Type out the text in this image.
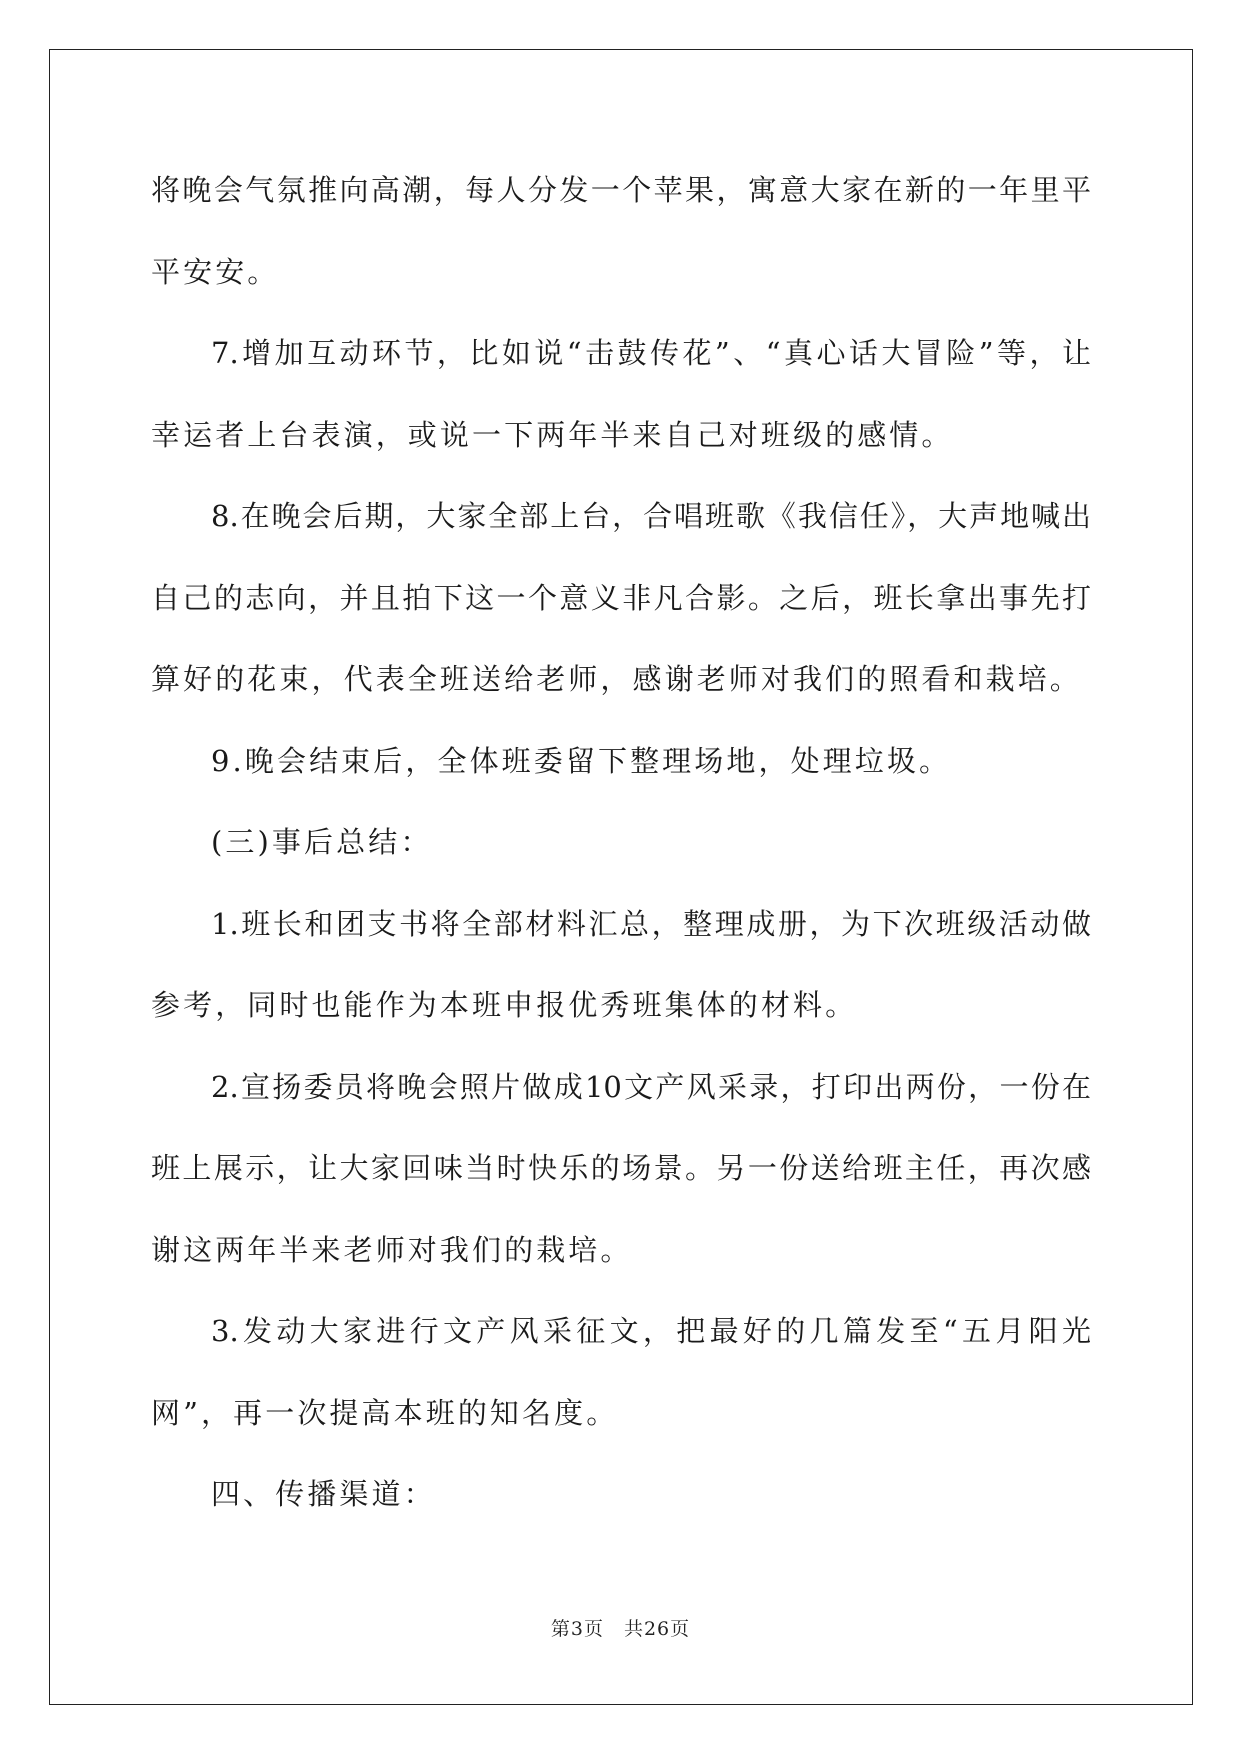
将晚会气氛推向高潮，每人分发一个苹果，寓意大家在新的一年里平
平安安。
7.增加互动环节，比如说“击鼓传花”、“真心话大冒险”等，让
幸运者上台表演，或说一下两年半来自己对班级的感情。
8.在晚会后期，大家全部上台，合唱班歌《我信任》，大声地喊出
自己的志向，并且拍下这一个意义非凡合影。之后，班长拿出事先打
算好的花束，代表全班送给老师，感谢老师对我们的照看和栽培。
9.晚会结束后，全体班委留下整理场地，处理垃圾。
(三)事后总结：
1.班长和团支书将全部材料汇总，整理成册，为下次班级活动做
参考，同时也能作为本班申报优秀班集体的材料。
2.宣扬委员将晚会照片做成10文产风采录，打印出两份，一份在
班上展示，让大家回味当时快乐的场景。另一份送给班主任，再次感
谢这两年半来老师对我们的栽培。
3.发动大家进行文产风采征文，把最好的几篇发至“五月阳光
网”，再一次提高本班的知名度。
四、传播渠道：
第3页　共26页
